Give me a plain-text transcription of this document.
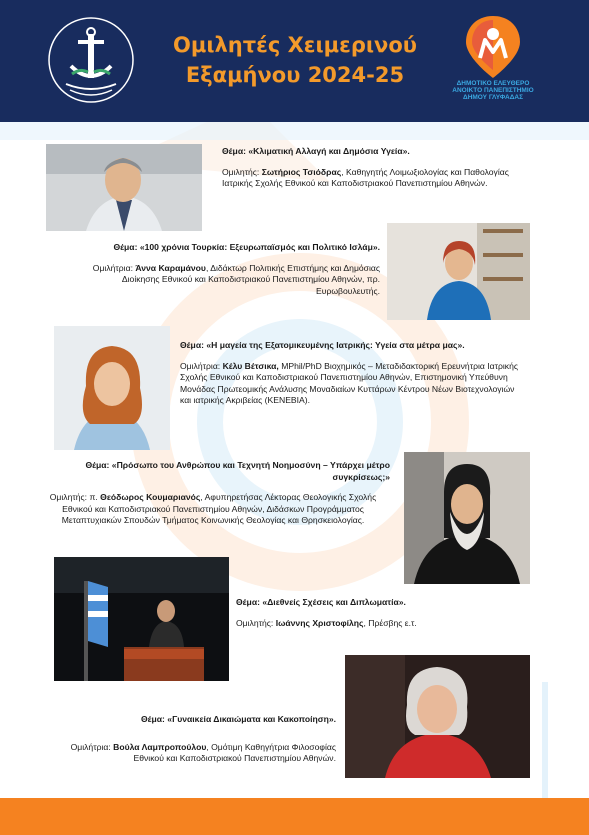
Ομιλητές Χειμερινού
Εξαμήνου 2024-25	ΔΗΜΟΤΙΚΟ ΕΛΕΥΘΕΡΟ
ΑΝΟΙΚΤΟ ΠΑΝΕΠΙΣΤΗΜΙΟ
ΔΗΜΟΥ ΓΛΥΦΑΔΑΣ
Θέμα: «Κλιματική Αλλαγή και Δημόσια Υγεία».
Ομιλητής: Σωτήριος Τσιόδρας, Καθηγητής Λοιμωξιολογίας και Παθολογίας Ιατρικής Σχολής Εθνικού και Καποδιστριακού Πανεπιστημίου Αθηνών.
Θέμα: «100 χρόνια Τουρκία: Εξευρωπαϊσμός και Πολιτικό Ισλάμ».
Ομιλήτρια: Άννα Καραμάνου, Διδάκτωρ Πολιτικής Επιστήμης και Δημόσιας Διοίκησης Εθνικού και Καποδιστριακού Πανεπιστημίου Αθηνών, πρ. Ευρωβουλευτής.
Θέμα: «Η μαγεία της Εξατομικευμένης Ιατρικής: Υγεία στα μέτρα μας».
Ομιλήτρια: Κέλυ Βέτσικα, MPhil/PhD Βιοχημικός – Μεταδιδακτορική Ερευνήτρια Ιατρικής Σχολής Εθνικού και Καποδιστριακού Πανεπιστημίου Αθηνών, Επιστημονική Υπεύθυνη Μονάδας Πρωτεομικής Ανάλυσης Μοναδιαίων Κυττάρων Κέντρου Νέων Βιοτεχνολογιών και ιατρικής Ακριβείας (ΚΕΝΕΒΙΑ).
Θέμα: «Πρόσωπο του Ανθρώπου και Τεχνητή Νοημοσύνη – Υπάρχει μέτρο συγκρίσεως;»
Ομιλητής: π. Θεόδωρος Κουμαριανός, Αφυπηρετήσας Λέκτορας Θεολογικής Σχολής Εθνικού και Καποδιστριακού Πανεπιστημίου Αθηνών, Διδάσκων Προγράμματος Μεταπτυχιακών Σπουδών Τμήματος Κοινωνικής Θεολογίας και Θρησκειολογίας.
Θέμα: «Διεθνείς Σχέσεις και Διπλωματία».
Ομιλητής: Ιωάννης Χριστοφίλης, Πρέσβης ε.τ.
Θέμα: «Γυναικεία Δικαιώματα και Κακοποίηση».
Ομιλήτρια: Βούλα Λαμπροπούλου, Ομότιμη Καθηγήτρια Φιλοσοφίας Εθνικού και Καποδιστριακού Πανεπιστημίου Αθηνών.
